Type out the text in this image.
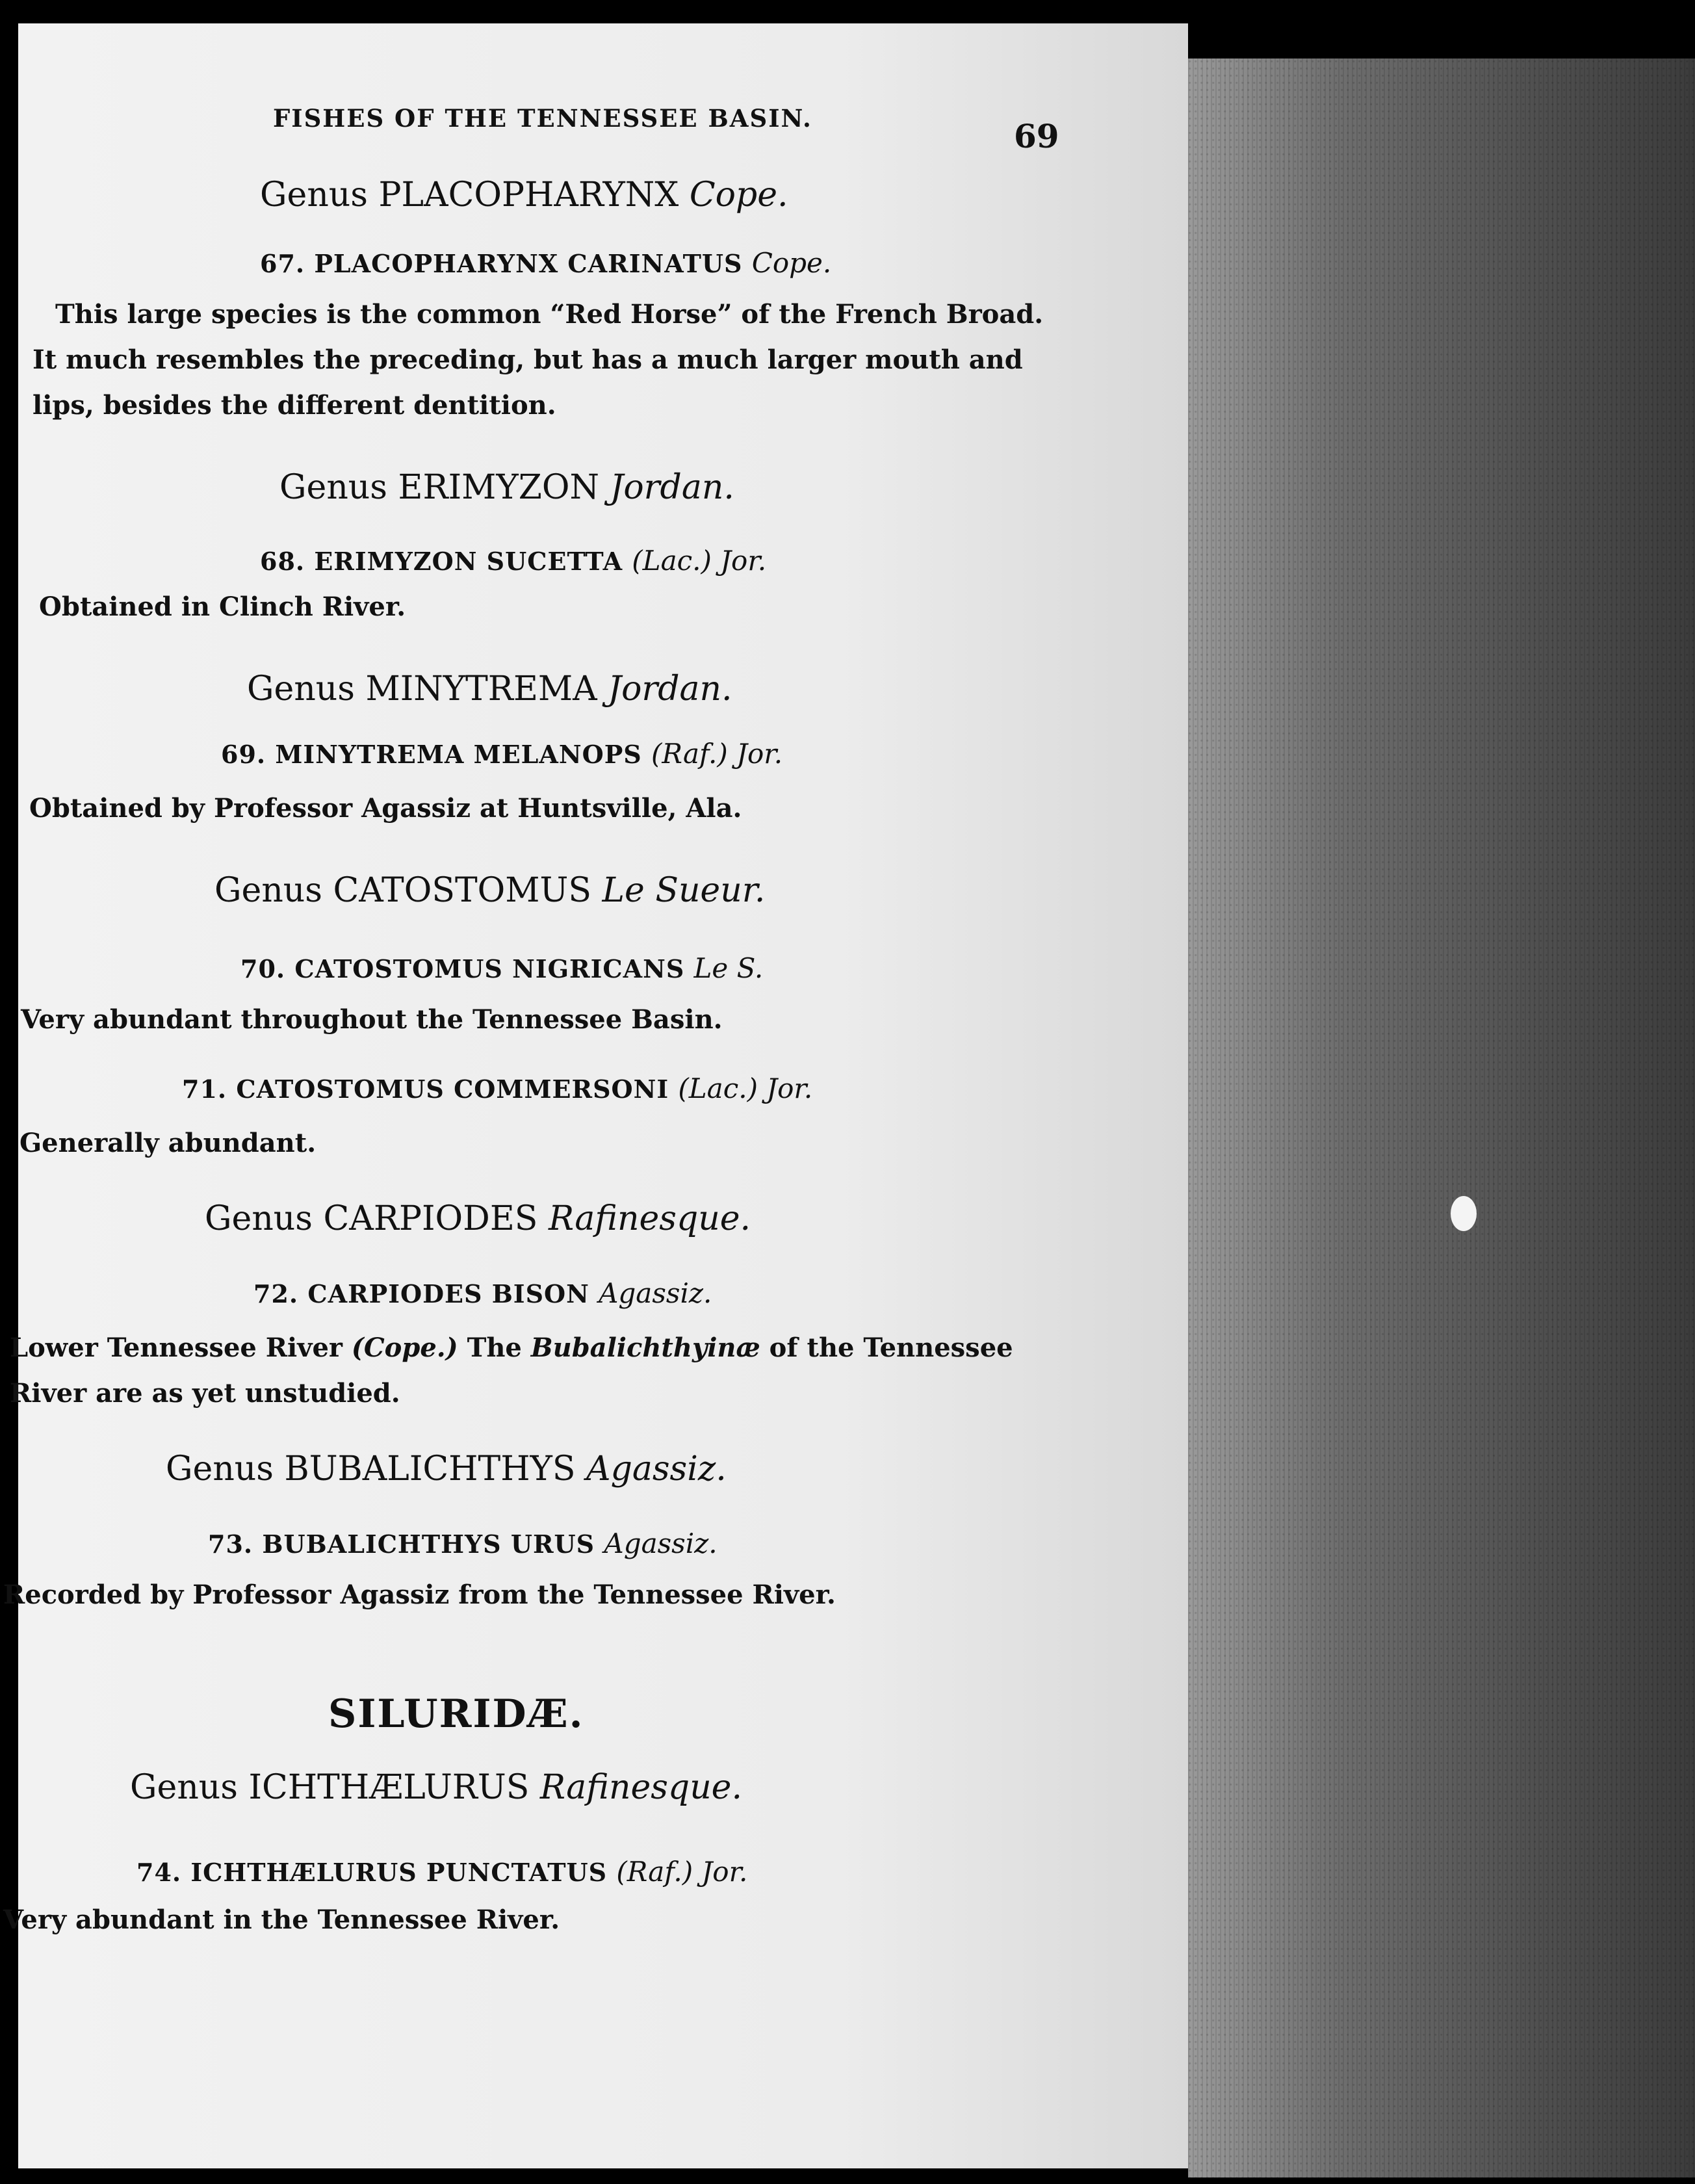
FISHES OF THE TENNESSEE BASIN.	69
Genus PLACOPHARYNX Cope.
67. PLACOPHARYNX CARINATUS Cope.
This large species is the common “Red Horse” of the French Broad.
It much resembles the preceding, but has a much larger mouth and
lips, besides the different dentition.
Genus ERIMYZON Jordan.
68. ERIMYZON SUCETTA (Lac.) Jor.
Obtained in Clinch River.
Genus MINYTREMA Jordan.
69. MINYTREMA MELANOPS (Raf.) Jor.
Obtained by Professor Agassiz at Huntsville, Ala.
Genus CATOSTOMUS Le Sueur.
70. CATOSTOMUS NIGRICANS Le S.
Very abundant throughout the Tennessee Basin.
71. CATOSTOMUS COMMERSONI (Lac.) Jor.
Generally abundant.
Genus CARPIODES Rafinesque.
72. CARPIODES BISON Agassiz.
Lower Tennessee River (Cope.) The Bubalichthyinæ of the Tennessee
River are as yet unstudied.
Genus BUBALICHTHYS Agassiz.
73. BUBALICHTHYS URUS Agassiz.
Recorded by Professor Agassiz from the Tennessee River.
SILURIDÆ.
Genus ICHTHÆLURUS Rafinesque.
74. ICHTHÆLURUS PUNCTATUS (Raf.) Jor.
Very abundant in the Tennessee River.
